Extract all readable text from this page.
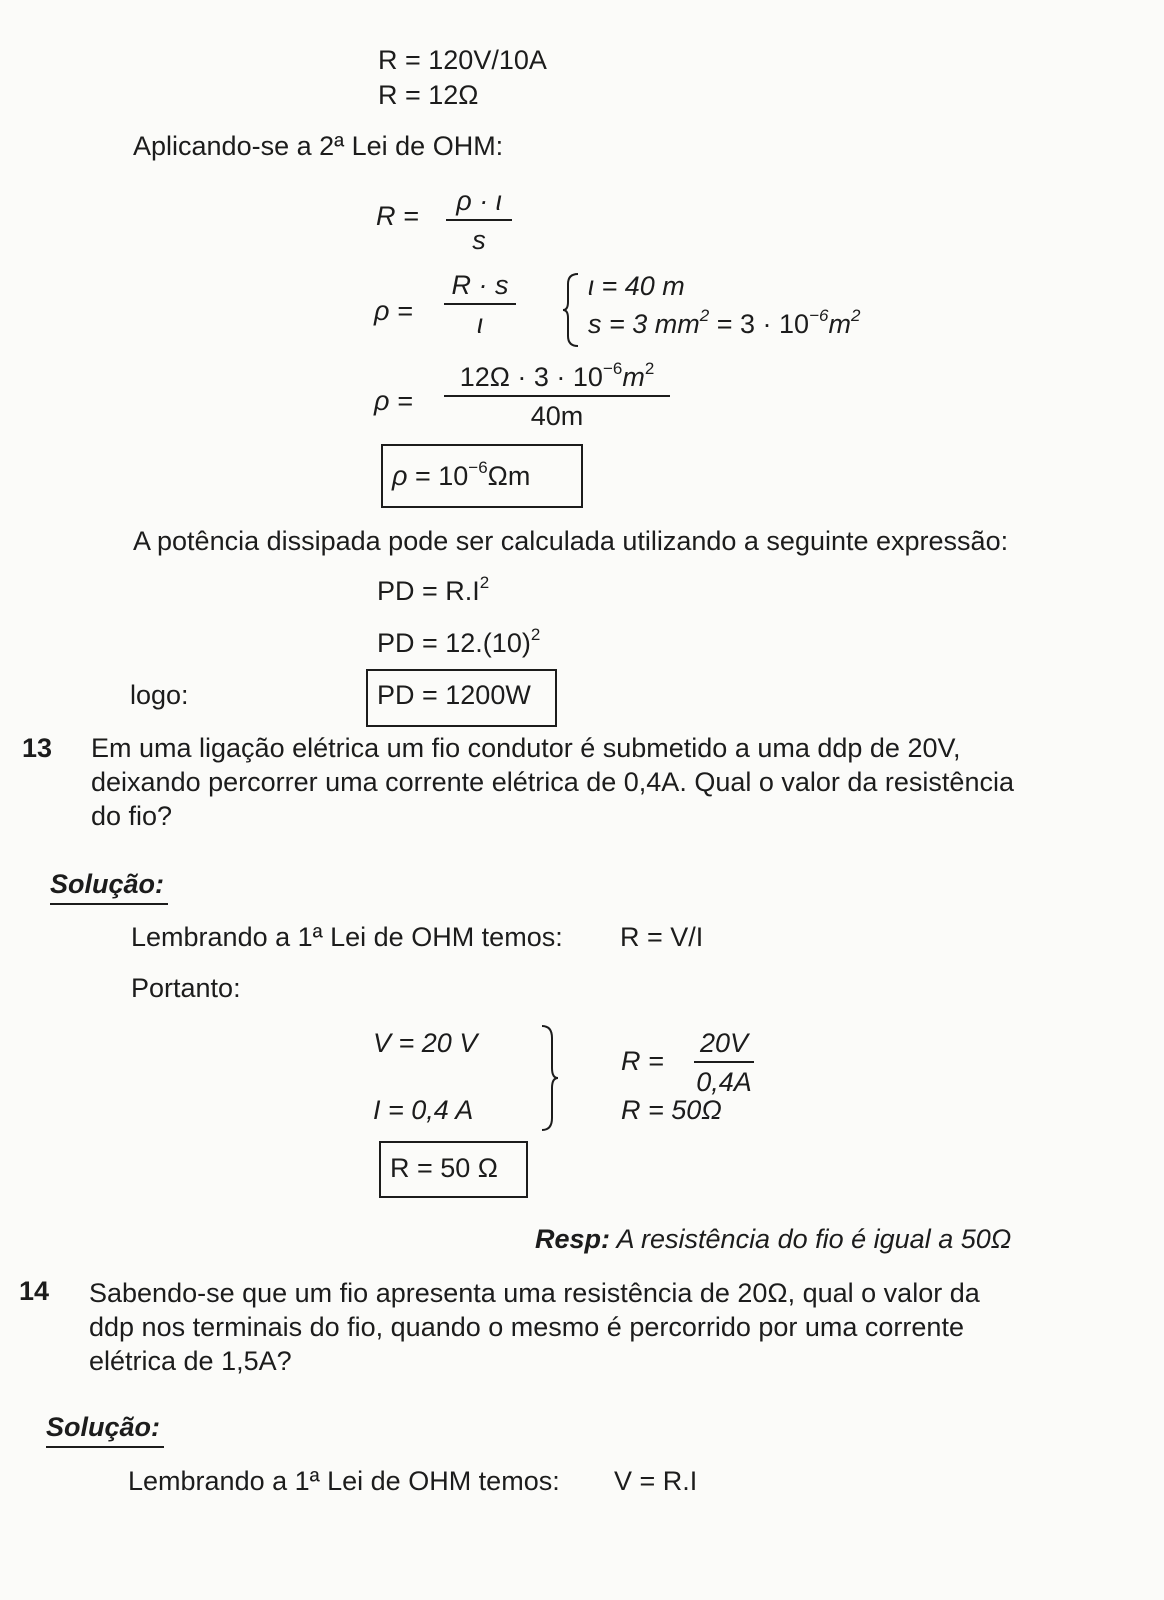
R = 120V/10A
R = 12Ω
Aplicando-se a 2ª Lei de OHM:
R =	ρ · ι
s
ρ =
R · s
ι
ι = 40 m
s = 3 $mm^2 = 3 \cdot 10^{-6}m^2$
ρ =
$12\Omega \cdot 3 \cdot 10^{-6}m^2$
40m
$\rho = 10^{-6}\Omega m$
A potência dissipada pode ser calculada utilizando a seguinte expressão:
PD = $R.I^2$
PD = $12.(10)^2$
logo:	PD = 1200W
13 Em uma ligação elétrica um fio condutor é submetido a uma ddp de 20V,
deixando percorrer uma corrente elétrica de 0,4A. Qual o valor da resistência
do fio?
Solução:
Lembrando a 1ª Lei de OHM temos: R = V/I
Portanto:
V = 20 V
I = 0,4 A
R =
20V
0,4A
R = 50Ω
R = 50 Ω
Resp: A resistência do fio é igual a 50Ω
14 Sabendo-se que um fio apresenta uma resistência de 20Ω, qual o valor da
ddp nos terminais do fio, quando o mesmo é percorrido por uma corrente
elétrica de 1,5A?
Solução:
Lembrando a 1ª Lei de OHM temos: V = R.I
